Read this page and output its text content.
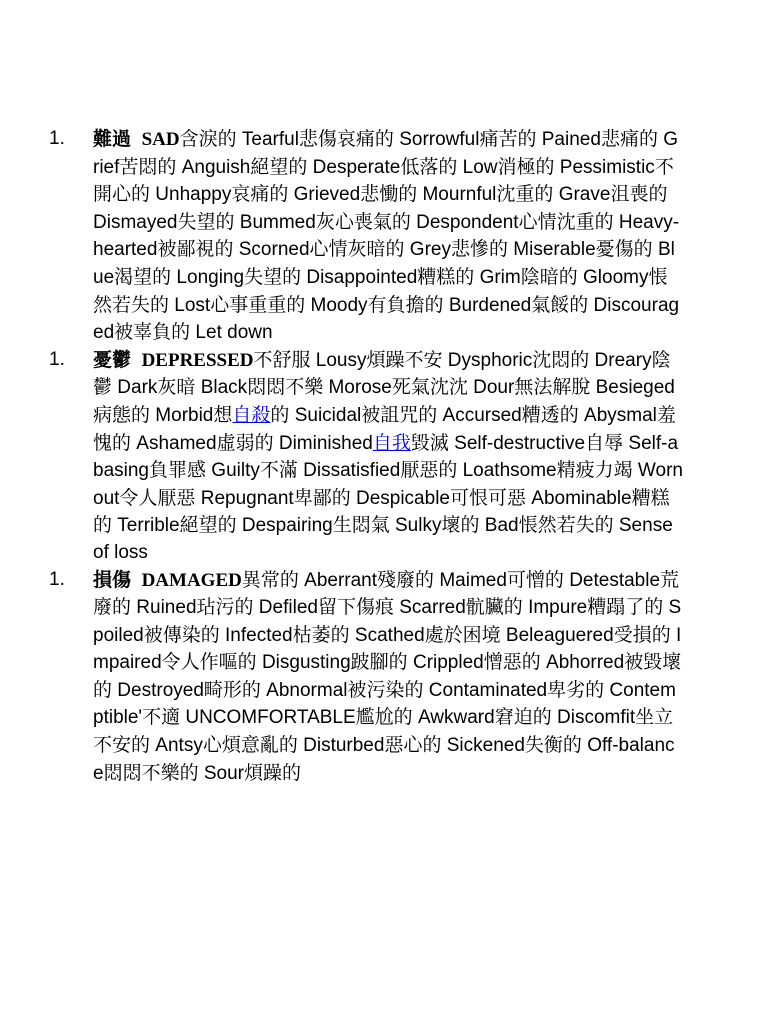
1. 難過 SAD含淚的 Tearful悲傷哀痛的 Sorrowful痛苦的 Pained悲痛的 Grief苦悶的 Anguish絕望的 Desperate低落的 Low消極的 Pessimistic不開心的 Unhappy哀痛的 Grieved悲慟的 Mournful沈重的 Grave沮喪的 Dismayed失望的 Bummed灰心喪氣的 Despondent心情沈重的 Heavy-hearted被鄙視的 Scorned心情灰暗的 Grey悲慘的 Miserable憂傷的 Blue渴望的 Longing失望的 Disappointed糟糕的 Grim陰暗的 Gloomy悵然若失的 Lost心事重重的 Moody有負擔的 Burdened氣餒的 Discouraged被辜負的 Let down
1. 憂鬱 DEPRESSED不舒服 Lousy煩躁不安 Dysphoric沈悶的 Dreary陰鬱 Dark灰暗 Black悶悶不樂 Morose死氣沈沈 Dour無法解脫 Besieged病態的 Morbid想自殺的 Suicidal被詛咒的 Accursed糟透的 Abysmal羞愧的 Ashamed虛弱的 Diminished自我毀滅 Self-destructive自辱 Self-abasing負罪感 Guilty不滿 Dissatisfied厭惡的 Loathsome精疲力竭 Worn out令人厭惡 Repugnant卑鄙的 Despicable可恨可惡 Abominable糟糕的 Terrible絕望的 Despairing生悶氣 Sulky壞的 Bad悵然若失的 Sense of loss
1. 損傷 DAMAGED異常的 Aberrant殘廢的 Maimed可憎的 Detestable荒廢的 Ruined玷污的 Defiled留下傷痕 Scarred骯臟的 Impure糟蹋了的 Spoiled被傳染的 Infected枯萎的 Scathed處於困境 Beleaguered受損的 Impaired令人作嘔的 Disgusting跛腳的 Crippled憎惡的 Abhorred被毀壞的 Destroyed畸形的 Abnormal被污染的 Contaminated卑劣的 Contemptible'不適 UNCOMFORTABLE尷尬的 Awkward窘迫的 Discomfit坐立不安的 Antsy心煩意亂的 Disturbed惡心的 Sickened失衡的 Off-balance悶悶不樂的 Sour煩躁的
